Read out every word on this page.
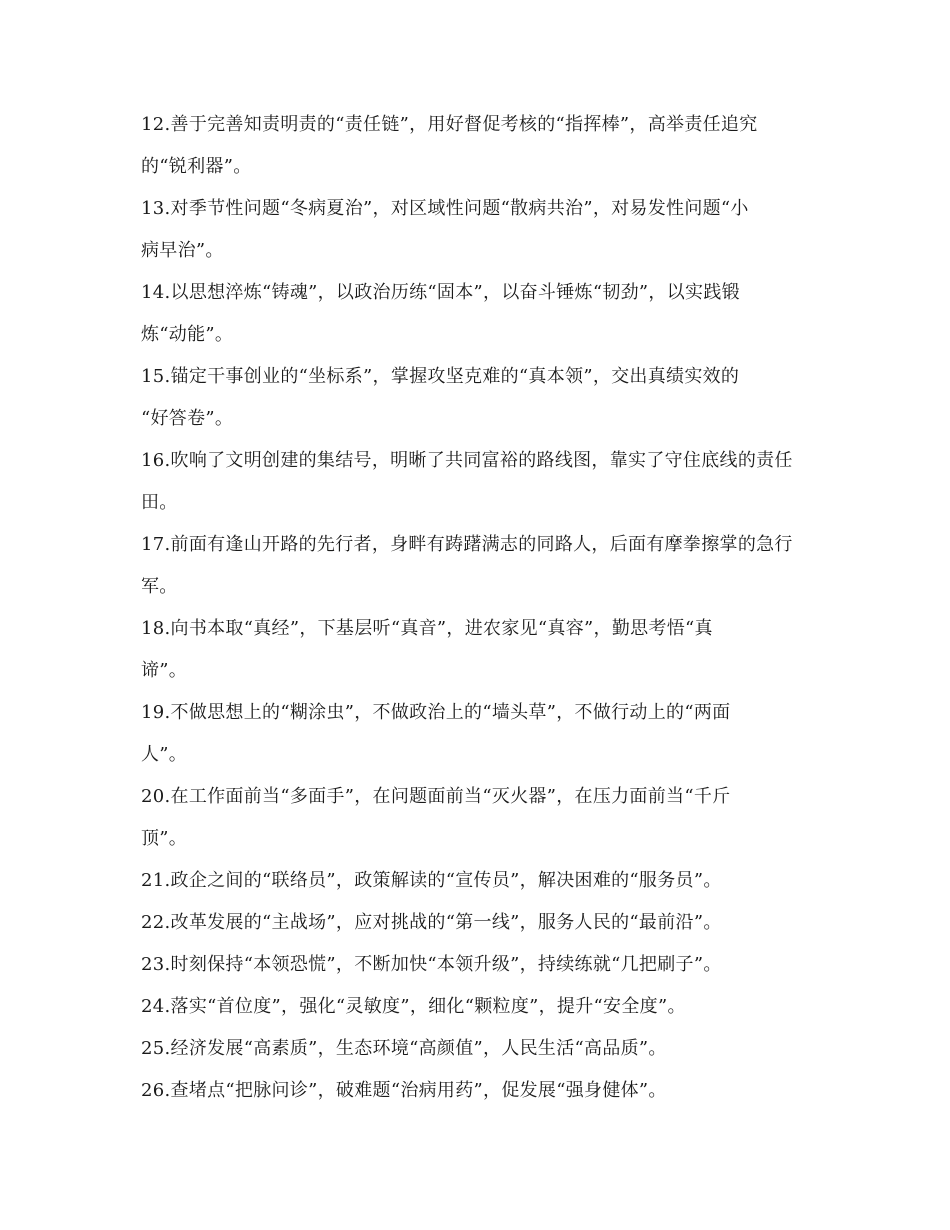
12.善于完善知责明责的“责任链”，用好督促考核的“指挥棒”，高举责任追究
的“锐利器”。

13.对季节性问题“冬病夏治”，对区域性问题“散病共治”，对易发性问题“小
病早治”。

14.以思想淬炼“铸魂”，以政治历练“固本”，以奋斗锤炼“韧劲”，以实践锻
炼“动能”。

15.锚定干事创业的“坐标系”，掌握攻坚克难的“真本领”，交出真绩实效的
“好答卷”。

16.吹响了文明创建的集结号，明晰了共同富裕的路线图，靠实了守住底线的责任
田。

17.前面有逢山开路的先行者，身畔有踌躇满志的同路人，后面有摩拳擦掌的急行
军。

18.向书本取“真经”，下基层听“真音”，进农家见“真容”，勤思考悟“真
谛”。

19.不做思想上的“糊涂虫”，不做政治上的“墙头草”，不做行动上的“两面
人”。

20.在工作面前当“多面手”，在问题面前当“灭火器”，在压力面前当“千斤
顶”。

21.政企之间的“联络员”，政策解读的“宣传员”，解决困难的“服务员”。

22.改革发展的“主战场”，应对挑战的“第一线”，服务人民的“最前沿”。

23.时刻保持“本领恐慌”，不断加快“本领升级”，持续练就“几把刷子”。

24.落实“首位度”，强化“灵敏度”，细化“颗粒度”，提升“安全度”。

25.经济发展“高素质”，生态环境“高颜值”，人民生活“高品质”。

26.查堵点“把脉问诊”，破难题“治病用药”，促发展“强身健体”。
